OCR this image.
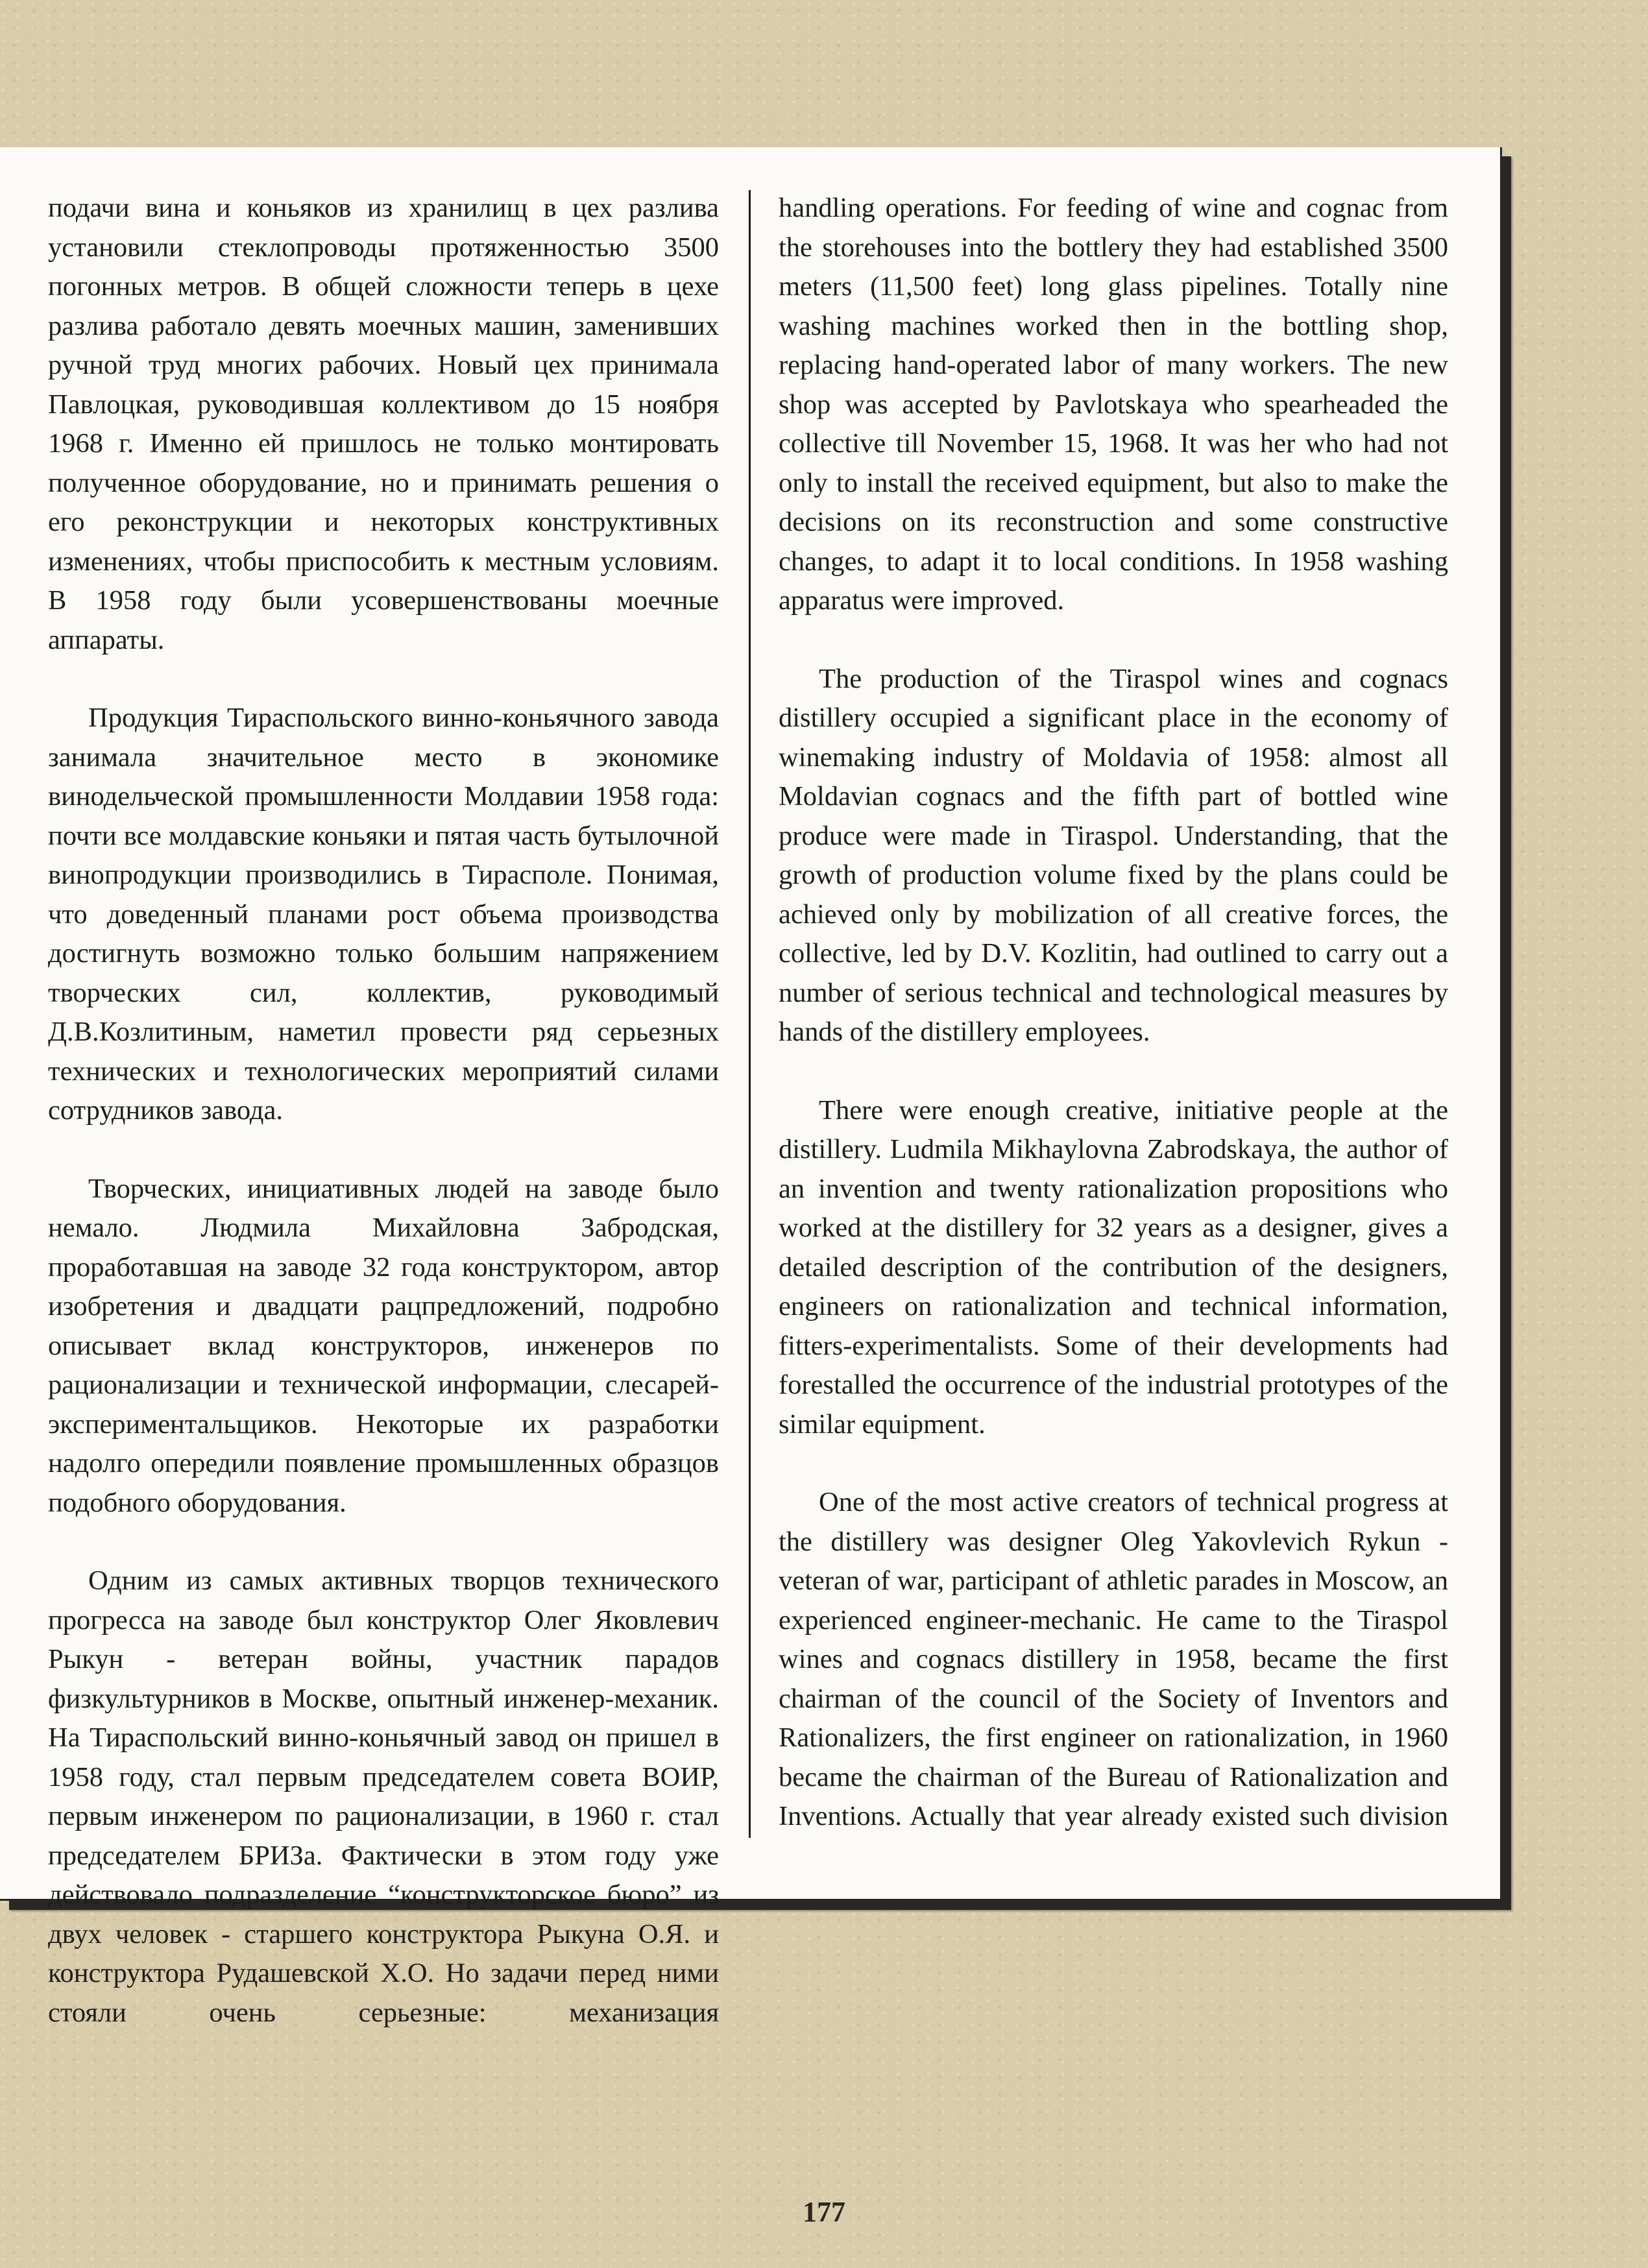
подачи вина и коньяков из хранилищ в цех разлива установили стеклопроводы протяженностью 3500 погонных метров. В общей сложности теперь в цехе разлива работало девять моечных машин, заменивших ручной труд многих рабочих. Новый цех принимала Павлоцкая, руководившая коллективом до 15 ноября 1968 г. Именно ей пришлось не только монтировать полученное оборудование, но и принимать решения о его реконструкции и некоторых конструктивных изменениях, чтобы приспособить к местным условиям. В 1958 году были усовершенствованы моечные аппараты.

Продукция Тираспольского винно-коньячного завода занимала значительное место в экономике винодельческой промышленности Молдавии 1958 года: почти все молдавские коньяки и пятая часть бутылочной винопродукции производились в Тирасполе. Понимая, что доведенный планами рост объема производства достигнуть возможно только большим напряжением творческих сил, коллектив, руководимый Д.В.Козлитиным, наметил провести ряд серьезных технических и технологических мероприятий силами сотрудников завода.

Творческих, инициативных людей на заводе было немало. Людмила Михайловна Забродская, проработавшая на заводе 32 года конструктором, автор изобретения и двадцати рацпредложений, подробно описывает вклад конструкторов, инженеров по рационализации и технической информации, слесарей-экспериментальщиков. Некоторые их разработки надолго опередили появление промышленных образцов подобного оборудования.

Одним из самых активных творцов технического прогресса на заводе был конструктор Олег Яковлевич Рыкун - ветеран войны, участник парадов физкультурников в Москве, опытный инженер-механик. На Тираспольский винно-коньячный завод он пришел в 1958 году, стал первым председателем совета ВОИР, первым инженером по рационализации, в 1960 г. стал председателем БРИЗа. Фактически в этом году уже действовало подразделение “конструкторское бюро” из двух человек - старшего конструктора Рыкуна О.Я. и конструктора Рудашевской Х.О. Но задачи перед ними стояли очень серьезные: механизация

handling operations. For feeding of wine and cognac from the storehouses into the bottlery they had established 3500 meters (11,500 feet) long glass pipelines. Totally nine washing machines worked then in the bottling shop, replacing hand-operated labor of many workers. The new shop was accepted by Pavlotskaya who spearheaded the collective till November 15, 1968. It was her who had not only to install the received equipment, but also to make the decisions on its reconstruction and some constructive changes, to adapt it to local conditions. In 1958 washing apparatus were improved.

The production of the Tiraspol wines and cognacs distillery occupied a significant place in the economy of winemaking industry of Moldavia of 1958: almost all Moldavian cognacs and the fifth part of bottled wine produce were made in Tiraspol. Understanding, that the growth of production volume fixed by the plans could be achieved only by mobilization of all creative forces, the collective, led by D.V. Kozlitin, had outlined to carry out a number of serious technical and technological measures by hands of the distillery employees.

There were enough creative, initiative people at the distillery. Ludmila Mikhaylovna Zabrodskaya, the author of an invention and twenty rationalization propositions who worked at the distillery for 32 years as a designer, gives a detailed description of the contribution of the designers, engineers on rationalization and technical information, fitters-experimentalists. Some of their developments had forestalled the occurrence of the industrial prototypes of the similar equipment.

One of the most active creators of technical progress at the distillery was designer Oleg Yakovlevich Rykun - veteran of war, participant of athletic parades in Moscow, an experienced engineer-mechanic. He came to the Tiraspol wines and cognacs distillery in 1958, became the first chairman of the council of the Society of Inventors and Rationalizers, the first engineer on rationalization, in 1960 became the chairman of the Bureau of Rationalization and Inventions. Actually that year already existed such division

177
